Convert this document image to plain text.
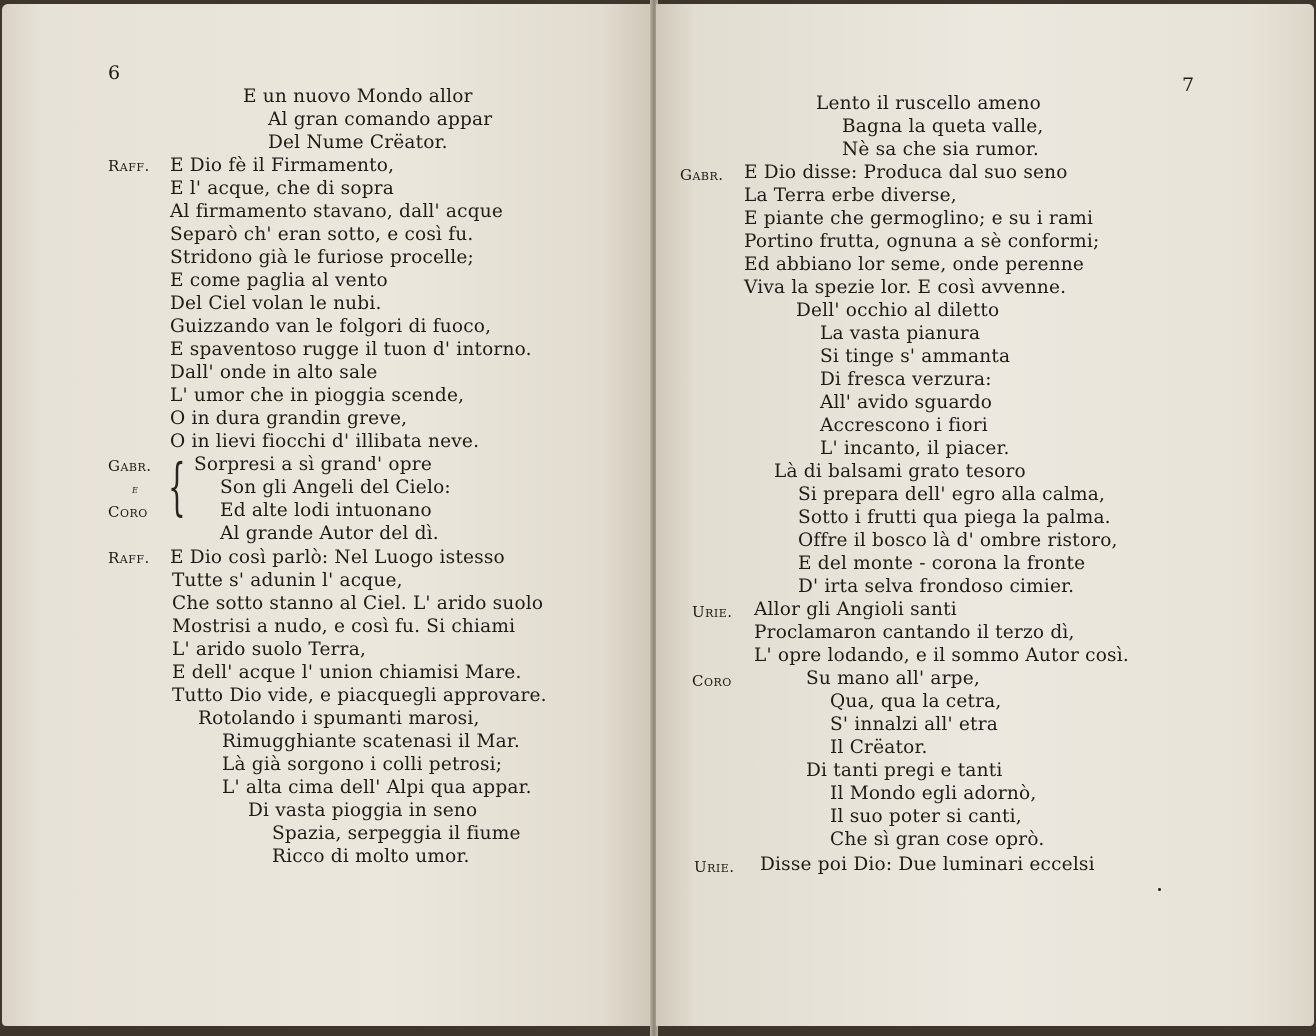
6
E un nuovo Mondo allor
Al gran comando appar
Del Nume Crëator.
Raff. E Dio fè il Firmamento,
E l' acque, che di sopra
Al firmamento stavano, dall' acque
Separò ch' eran sotto, e così fu.
Stridono già le furiose procelle;
E come paglia al vento
Del Ciel volan le nubi.
Guizzando van le folgori di fuoco,
E spaventoso rugge il tuon d' intorno.
Dall' onde in alto sale
L' umor che in pioggia scende,
O in dura grandin greve,
O in lievi fiocchi d' illibata neve.
Gabr.
e
Coro { Sorpresi a sì grand' opre
Son gli Angeli del Cielo:
Ed alte lodi intuonano
Al grande Autor del dì.
Raff. E Dio così parlò: Nel Luogo istesso
Tutte s' adunin l' acque,
Che sotto stanno al Ciel. L' arido suolo
Mostrisi a nudo, e così fu. Si chiami
L' arido suolo Terra,
E dell' acque l' union chiamisi Mare.
Tutto Dio vide, e piacquegli approvare.
Rotolando i spumanti marosi,
Rimugghiante scatenasi il Mar.
Là già sorgono i colli petrosi;
L' alta cima dell' Alpi qua appar.
Di vasta pioggia in seno
Spazia, serpeggia il fiume
Ricco di molto umor.
7
Lento il ruscello ameno
Bagna la queta valle,
Nè sa che sia rumor.
Gabr. E Dio disse: Produca dal suo seno
La Terra erbe diverse,
E piante che germoglino; e su i rami
Portino frutta, ognuna a sè conformi;
Ed abbiano lor seme, onde perenne
Viva la spezie lor. E così avvenne.
Dell' occhio al diletto
La vasta pianura
Si tinge s' ammanta
Di fresca verzura:
All' avido sguardo
Accrescono i fiori
L' incanto, il piacer.
Là di balsami grato tesoro
Si prepara dell' egro alla calma,
Sotto i frutti qua piega la palma.
Offre il bosco là d' ombre ristoro,
E del monte - corona la fronte
D' irta selva frondoso cimier.
Urie. Allor gli Angioli santi
Proclamaron cantando il terzo dì,
L' opre lodando, e il sommo Autor così.
Coro	Su mano all' arpe,
Qua, qua la cetra,
S' innalzi all' etra
Il Crëator.
Di tanti pregi e tanti
Il Mondo egli adornò,
Il suo poter si canti,
Che sì gran cose oprò.
Urie. Disse poi Dio: Due luminari eccelsi
